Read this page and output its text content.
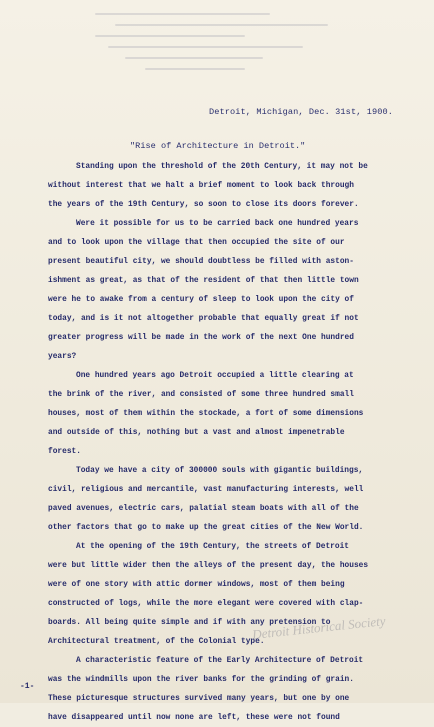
Detroit, Michigan, Dec. 31st, 1900.
"Rise of Architecture in Detroit."
Standing upon the threshold of the 20th Century, it may not be
without interest that we halt a brief moment to look back through
the years of the 19th Century, so soon to close its doors forever.
Were it possible for us to be carried back one hundred years
and to look upon the village that then occupied the site of our
present beautiful city, we should doubtless be filled with aston-
ishment as great, as that of the resident of that then little town
were he to awake from a century of sleep to look upon the city of
today, and is it not altogether probable that equally great if not
greater progress will be made in the work of the next One hundred
years?
One hundred years ago Detroit occupied a little clearing at
the brink of the river, and consisted of some three hundred small
houses, most of them within the stockade, a fort of some dimensions
and outside of this, nothing but a vast and almost impenetrable
forest.
Today we have a city of 300000 souls with gigantic buildings,
civil, religious and mercantile, vast manufacturing interests, well
paved avenues, electric cars, palatial steam boats with all of the
other factors that go to make up the great cities of the New World.
At the opening of the 19th Century, the streets of Detroit
were but little wider then the alleys of the present day, the houses
were of one story with attic dormer windows, most of them being
constructed of logs, while the more elegant were covered with clap-
boards. All being quite simple and if with any pretension to
Architectural treatment, of the Colonial type.
A characteristic feature of the Early Architecture of Detroit
was the windmills upon the river banks for the grinding of grain.
These picturesque structures survived many years, but one by one
have disappeared until now none are left, these were not found
Detroit Historical Society
-1-
